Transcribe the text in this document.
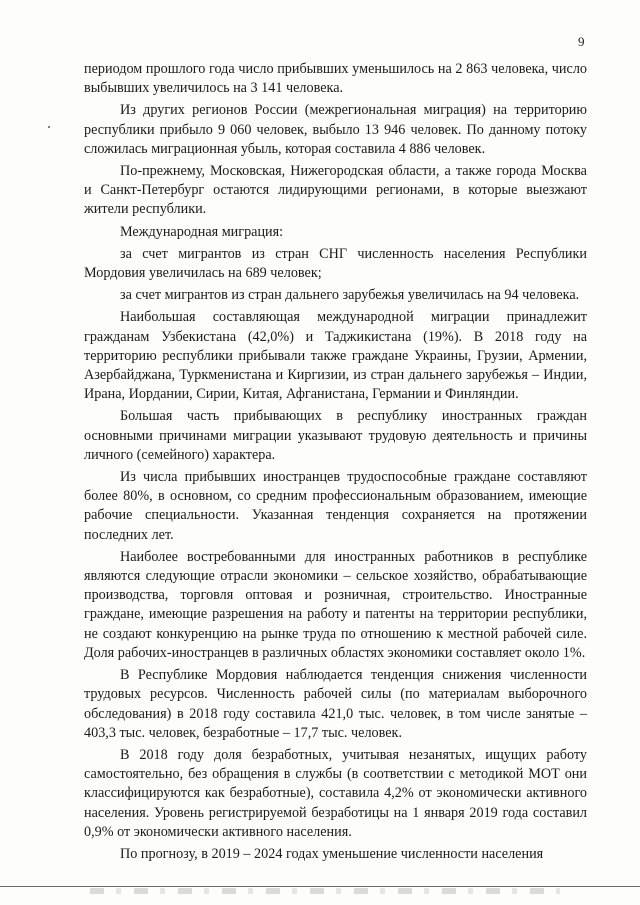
9

периодом прошлого года число прибывших уменьшилось на 2 863 человека, число выбывших увеличилось на 3 141 человека.

Из других регионов России (межрегиональная миграция) на территорию республики прибыло 9 060 человек, выбыло 13 946 человек. По данному потоку сложилась миграционная убыль, которая составила 4 886 человек.

По-прежнему, Московская, Нижегородская области, а также города Москва и Санкт-Петербург остаются лидирующими регионами, в которые выезжают жители республики.

Международная миграция:

за счет мигрантов из стран СНГ численность населения Республики Мордовия увеличилась на 689 человек;

за счет мигрантов из стран дальнего зарубежья увеличилась на 94 человека.

Наибольшая составляющая международной миграции принадлежит гражданам Узбекистана (42,0%) и Таджикистана (19%). В 2018 году на территорию республики прибывали также граждане Украины, Грузии, Армении, Азербайджана, Туркменистана и Киргизии, из стран дальнего зарубежья – Индии, Ирана, Иордании, Сирии, Китая, Афганистана, Германии и Финляндии.

Большая часть прибывающих в республику иностранных граждан основными причинами миграции указывают трудовую деятельность и причины личного (семейного) характера.

Из числа прибывших иностранцев трудоспособные граждане составляют более 80%, в основном, со средним профессиональным образованием, имеющие рабочие специальности. Указанная тенденция сохраняется на протяжении последних лет.

Наиболее востребованными для иностранных работников в республике являются следующие отрасли экономики – сельское хозяйство, обрабатывающие производства, торговля оптовая и розничная, строительство. Иностранные граждане, имеющие разрешения на работу и патенты на территории республики, не создают конкуренцию на рынке труда по отношению к местной рабочей силе. Доля рабочих-иностранцев в различных областях экономики составляет около 1%.

В Республике Мордовия наблюдается тенденция снижения численности трудовых ресурсов. Численность рабочей силы (по материалам выборочного обследования) в 2018 году составила 421,0 тыс. человек, в том числе занятые – 403,3 тыс. человек, безработные – 17,7 тыс. человек.

В 2018 году доля безработных, учитывая незанятых, ищущих работу самостоятельно, без обращения в службы (в соответствии с методикой МОТ они классифицируются как безработные), составила 4,2% от экономически активного населения. Уровень регистрируемой безработицы на 1 января 2019 года составил 0,9% от экономически активного населения.

По прогнозу, в 2019 – 2024 годах уменьшение численности населения
